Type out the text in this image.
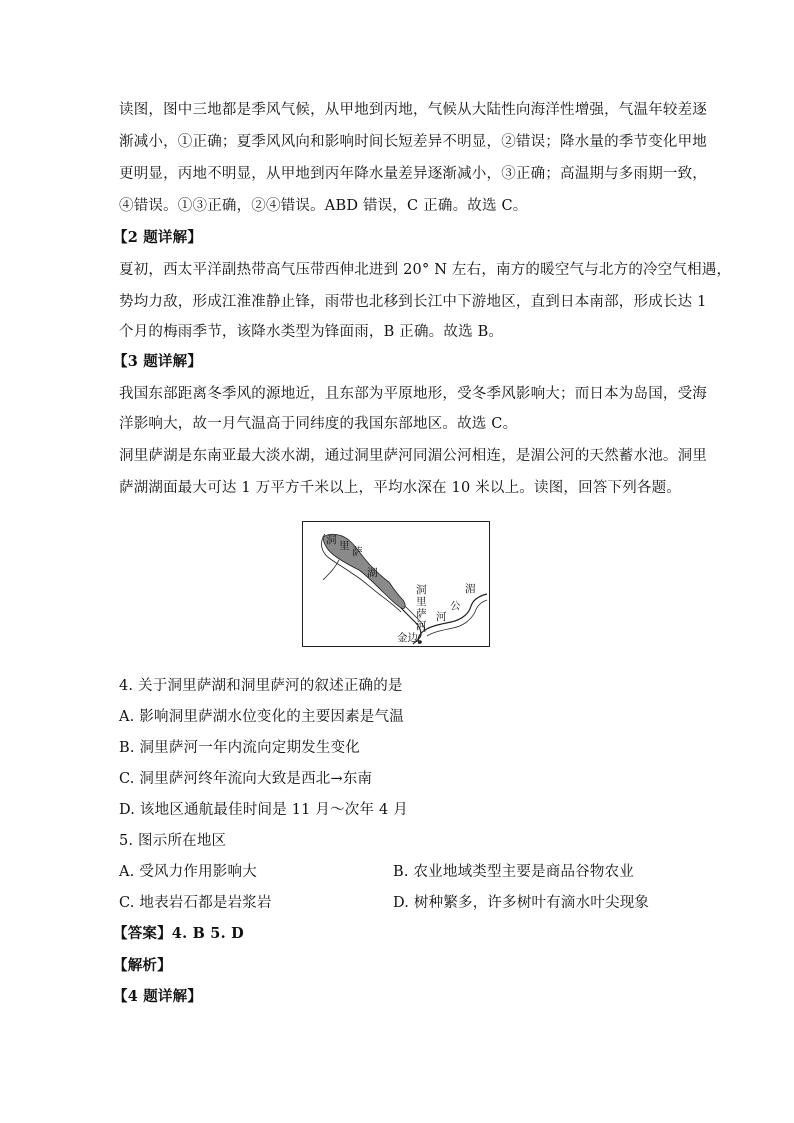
读图，图中三地都是季风气候，从甲地到丙地，气候从大陆性向海洋性增强，气温年较差逐
渐减小，①正确；夏季风风向和影响时间长短差异不明显，②错误；降水量的季节变化甲地
更明显，丙地不明显，从甲地到丙年降水量差异逐渐减小，③正确；高温期与多雨期一致，
④错误。①③正确，②④错误。ABD 错误，C 正确。故选 C。
【2 题详解】
夏初，西太平洋副热带高气压带西伸北进到 20° N 左右，南方的暖空气与北方的冷空气相遇，
势均力敌，形成江淮准静止锋，雨带也北移到长江中下游地区，直到日本南部，形成长达 1
个月的梅雨季节，该降水类型为锋面雨，B 正确。故选 B。
【3 题详解】
我国东部距离冬季风的源地近，且东部为平原地形，受冬季风影响大；而日本为岛国，受海
洋影响大，故一月气温高于同纬度的我国东部地区。故选 C。
洞里萨湖是东南亚最大淡水湖，通过洞里萨河同湄公河相连，是湄公河的天然蓄水池。洞里
萨湖湖面最大可达 1 万平方千米以上，平均水深在 10 米以上。读图，回答下列各题。
洞 里 萨
湖
洞
里
萨
河
湄
公
河
金边
4. 关于洞里萨湖和洞里萨河的叙述正确的是
A. 影响洞里萨湖水位变化的主要因素是气温
B. 洞里萨河一年内流向定期发生变化
C. 洞里萨河终年流向大致是西北→东南
D. 该地区通航最佳时间是 11 月～次年 4 月
5. 图示所在地区
A. 受风力作用影响大	B. 农业地域类型主要是商品谷物农业
C. 地表岩石都是岩浆岩	D. 树种繁多，许多树叶有滴水叶尖现象
【答案】4. B 5. D
【解析】
【4 题详解】
